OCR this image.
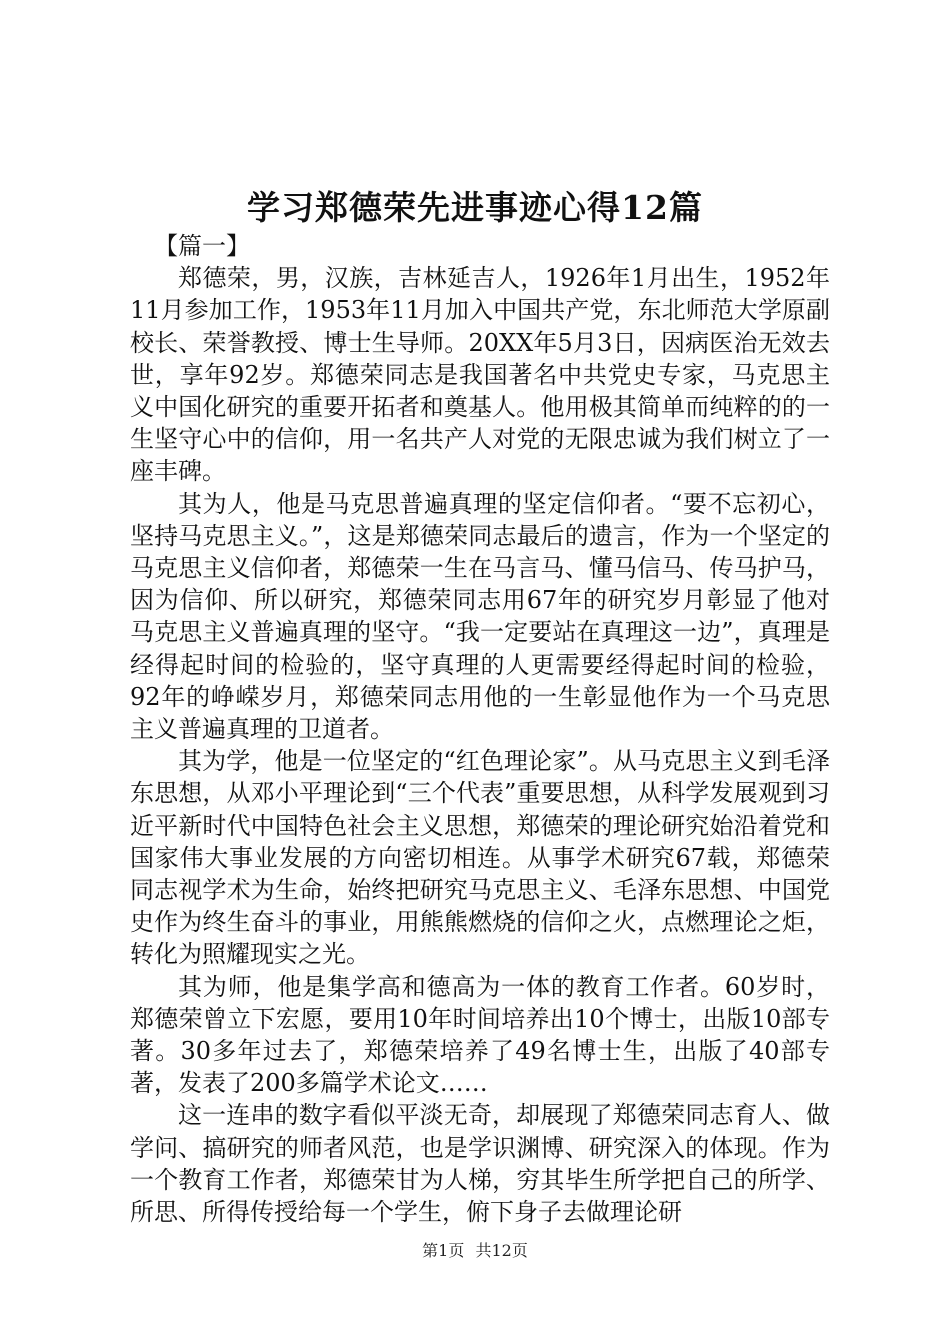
学习郑德荣先进事迹心得12篇

【篇一】

郑德荣，男，汉族，吉林延吉人，1926年1月出生，1952年11月参加工作，1953年11月加入中国共产党，东北师范大学原副校长、荣誉教授、博士生导师。20XX年5月3日，因病医治无效去世，享年92岁。郑德荣同志是我国著名中共党史专家，马克思主义中国化研究的重要开拓者和奠基人。他用极其简单而纯粹的的一生坚守心中的信仰，用一名共产人对党的无限忠诚为我们树立了一座丰碑。

其为人，他是马克思普遍真理的坚定信仰者。“要不忘初心，坚持马克思主义。”，这是郑德荣同志最后的遗言，作为一个坚定的马克思主义信仰者，郑德荣一生在马言马、懂马信马、传马护马，因为信仰、所以研究，郑德荣同志用67年的研究岁月彰显了他对马克思主义普遍真理的坚守。“我一定要站在真理这一边”，真理是经得起时间的检验的，坚守真理的人更需要经得起时间的检验，92年的峥嵘岁月，郑德荣同志用他的一生彰显他作为一个马克思主义普遍真理的卫道者。

其为学，他是一位坚定的“红色理论家”。从马克思主义到毛泽东思想，从邓小平理论到“三个代表”重要思想，从科学发展观到习近平新时代中国特色社会主义思想，郑德荣的理论研究始沿着党和国家伟大事业发展的方向密切相连。从事学术研究67载，郑德荣同志视学术为生命，始终把研究马克思主义、毛泽东思想、中国党史作为终生奋斗的事业，用熊熊燃烧的信仰之火，点燃理论之炬，转化为照耀现实之光。

其为师，他是集学高和德高为一体的教育工作者。60岁时，郑德荣曾立下宏愿，要用10年时间培养出10个博士，出版10部专著。30多年过去了，郑德荣培养了49名博士生，出版了40部专著，发表了200多篇学术论文……

这一连串的数字看似平淡无奇，却展现了郑德荣同志育人、做学问、搞研究的师者风范，也是学识渊博、研究深入的体现。作为一个教育工作者，郑德荣甘为人梯，穷其毕生所学把自己的所学、所思、所得传授给每一个学生，俯下身子去做理论研

第1页 共12页
